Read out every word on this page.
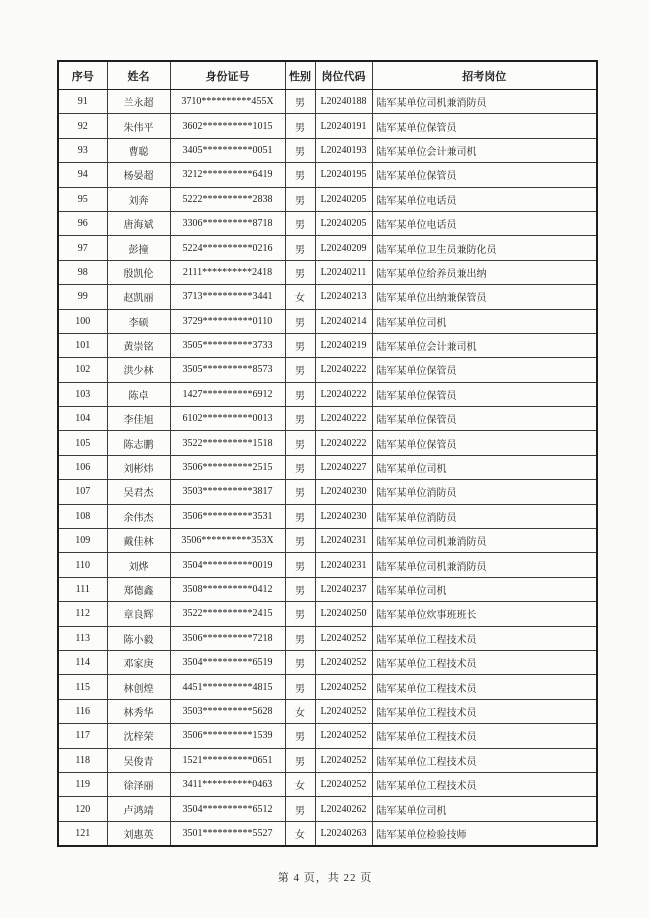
序号	姓名	身份证号	性别	岗位代码	招考岗位
91	兰永超	3710**********455X	男	L20240188	陆军某单位司机兼消防员
92	朱伟平	3602**********1015	男	L20240191	陆军某单位保管员
93	曹聪	3405**********0051	男	L20240193	陆军某单位会计兼司机
94	杨晏超	3212**********6419	男	L20240195	陆军某单位保管员
95	刘奔	5222**********2838	男	L20240205	陆军某单位电话员
96	唐海斌	3306**********8718	男	L20240205	陆军某单位电话员
97	彭撞	5224**********0216	男	L20240209	陆军某单位卫生员兼防化员
98	殷凯伦	2111**********2418	男	L20240211	陆军某单位给养员兼出纳
99	赵凯丽	3713**********3441	女	L20240213	陆军某单位出纳兼保管员
100	李硕	3729**********0110	男	L20240214	陆军某单位司机
101	黄崇铭	3505**********3733	男	L20240219	陆军某单位会计兼司机
102	洪少林	3505**********8573	男	L20240222	陆军某单位保管员
103	陈卓	1427**********6912	男	L20240222	陆军某单位保管员
104	李佳旭	6102**********0013	男	L20240222	陆军某单位保管员
105	陈志鹏	3522**********1518	男	L20240222	陆军某单位保管员
106	刘彬炜	3506**********2515	男	L20240227	陆军某单位司机
107	吴君杰	3503**********3817	男	L20240230	陆军某单位消防员
108	余伟杰	3506**********3531	男	L20240230	陆军某单位消防员
109	戴佳林	3506**********353X	男	L20240231	陆军某单位司机兼消防员
110	刘烨	3504**********0019	男	L20240231	陆军某单位司机兼消防员
111	郑德鑫	3508**********0412	男	L20240237	陆军某单位司机
112	章良辉	3522**********2415	男	L20240250	陆军某单位炊事班班长
113	陈小毅	3506**********7218	男	L20240252	陆军某单位工程技术员
114	邓家庚	3504**********6519	男	L20240252	陆军某单位工程技术员
115	林创煌	4451**********4815	男	L20240252	陆军某单位工程技术员
116	林秀华	3503**********5628	女	L20240252	陆军某单位工程技术员
117	沈梓荣	3506**********1539	男	L20240252	陆军某单位工程技术员
118	吴俊青	1521**********0651	男	L20240252	陆军某单位工程技术员
119	徐泽丽	3411**********0463	女	L20240252	陆军某单位工程技术员
120	卢鸿靖	3504**********6512	男	L20240262	陆军某单位司机
121	刘惠英	3501**********5527	女	L20240263	陆军某单位检验技师
第 4 页，共 22 页
